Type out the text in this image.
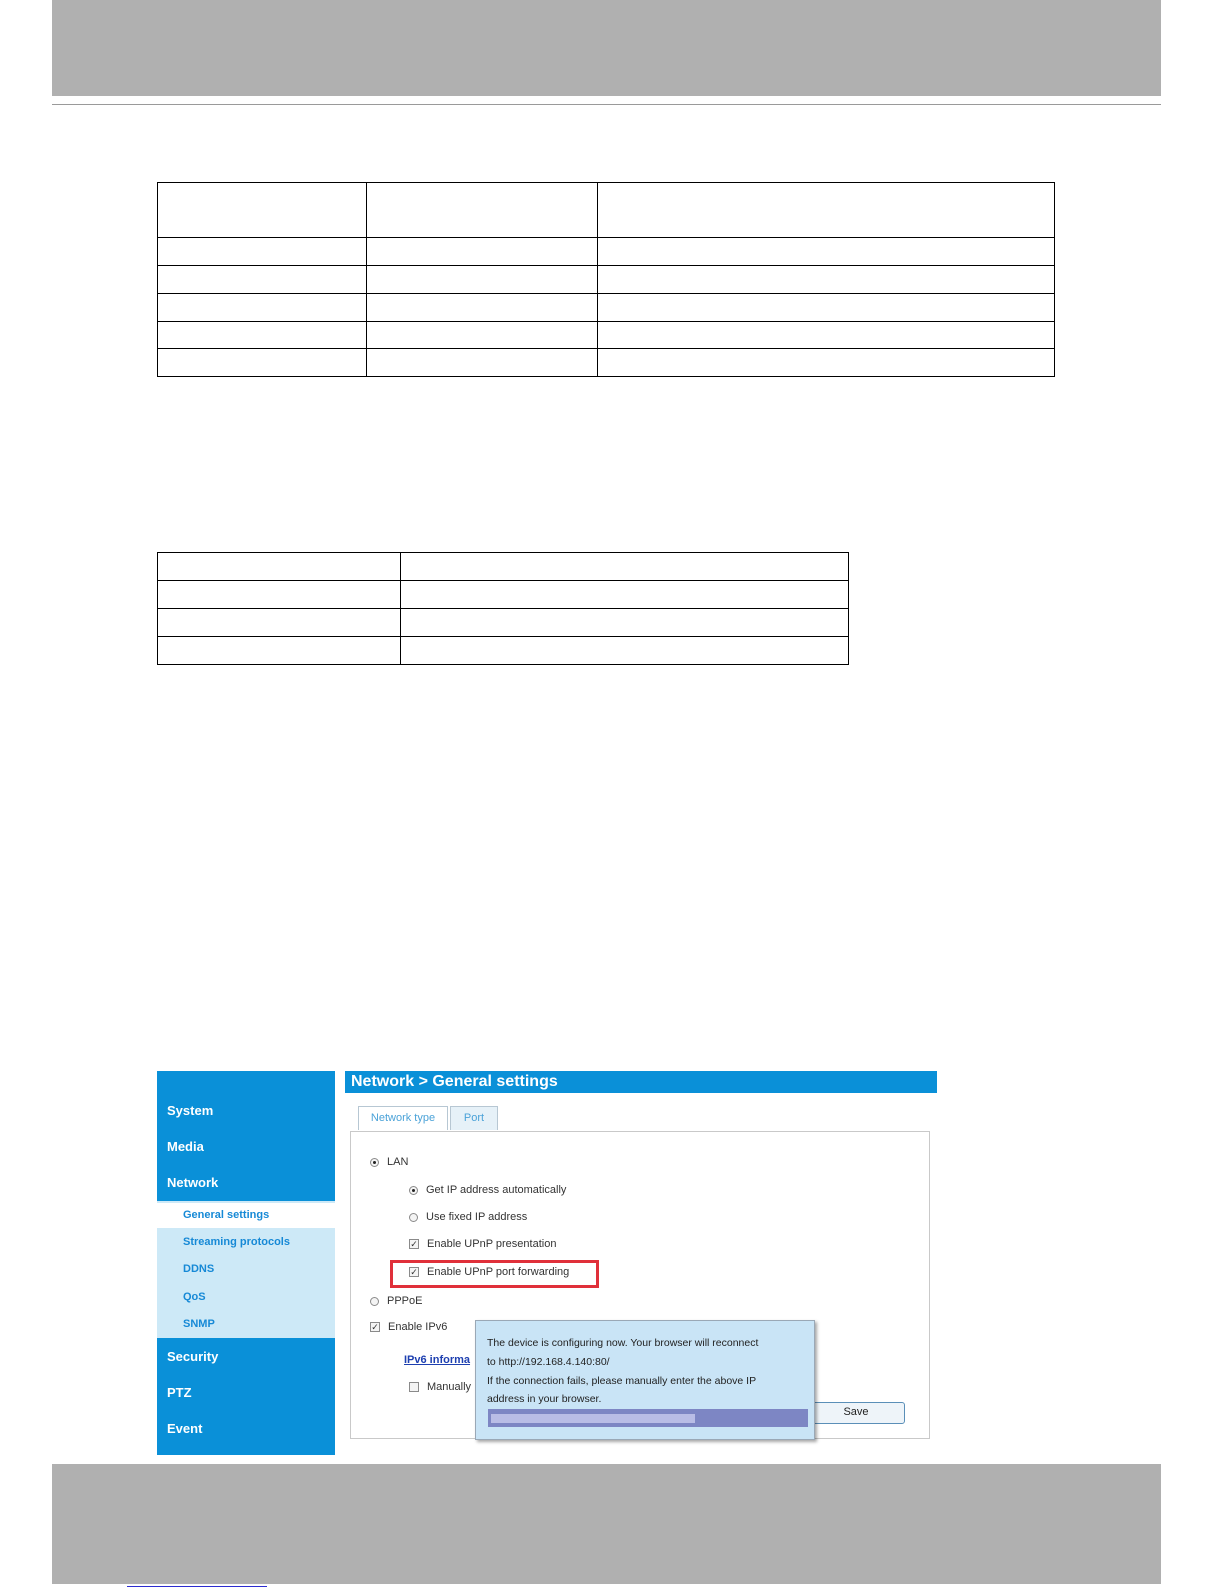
System
Media
Network
General settings
Streaming protocols
DDNS
QoS
SNMP
Security
PTZ
Event
Network > General settings
Network type	Port
LAN
Get IP address automatically
Use fixed IP address
✓ Enable UPnP presentation
✓ Enable UPnP port forwarding
PPPoE
✓ Enable IPv6
IPv6 informa
Manually
Save
The device is configuring now. Your browser will reconnect
to http://192.168.4.140:80/
If the connection fails, please manually enter the above IP
address in your browser.
